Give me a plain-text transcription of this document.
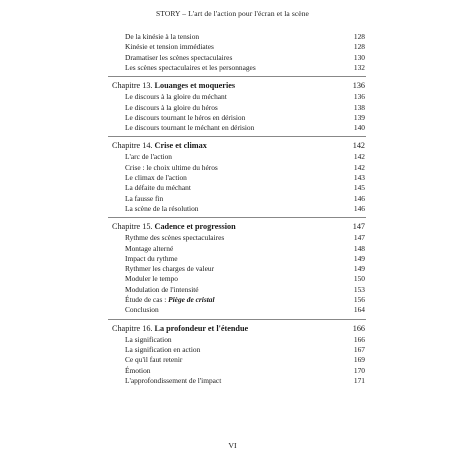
STORY – L'art de l'action pour l'écran et la scène
De la kinésie à la tension	128
Kinésie et tension immédiates	128
Dramatiser les scènes spectaculaires	130
Les scènes spectaculaires et les personnages	132
Chapitre 13. Louanges et moqueries	136
Le discours à la gloire du méchant	136
Le discours à la gloire du héros	138
Le discours tournant le héros en dérision	139
Le discours tournant le méchant en dérision	140
Chapitre 14. Crise et climax	142
L'arc de l'action	142
Crise : le choix ultime du héros	142
Le climax de l'action	143
La défaite du méchant	145
La fausse fin	146
La scène de la résolution	146
Chapitre 15. Cadence et progression	147
Rythme des scènes spectaculaires	147
Montage alterné	148
Impact du rythme	149
Rythmer les charges de valeur	149
Moduler le tempo	150
Modulation de l'intensité	153
Étude de cas : Piège de cristal	156
Conclusion	164
Chapitre 16. La profondeur et l'étendue	166
La signification	166
La signification en action	167
Ce qu'il faut retenir	169
Émotion	170
L'approfondissement de l'impact	171
VI
